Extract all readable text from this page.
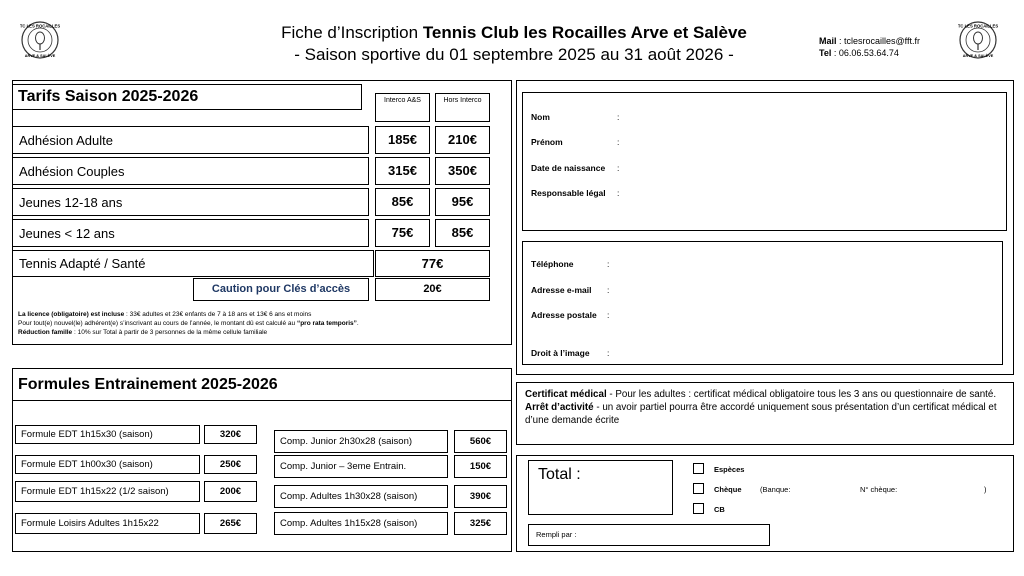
TC LES ROCAILLES
ARVE & SALÈVE
TC LES ROCAILLES
ARVE & SALÈVE
Fiche d’Inscription Tennis Club les Rocailles Arve et Salève
- Saison sportive du 01 septembre 2025 au 31 août 2026 -
Mail : tclesrocailles@fft.fr
Tel : 06.06.53.64.74
Tarifs Saison 2025-2026	Interco A&S	Hors Interco
Adhésion Adulte	185€	210€
Adhésion Couples	315€	350€
Jeunes 12-18 ans	85€	95€
Jeunes < 12 ans	75€	85€
Tennis Adapté / Santé	77€
Caution pour Clés d’accès	20€
La licence (obligatoire) est incluse : 33€ adultes et 23€ enfants de 7 à 18 ans et 13€ 6 ans et moins
Pour tout(e) nouvel(le) adhérent(e) s’inscrivant au cours de l’année, le montant dû est calculé au “pro rata temporis”.
Réduction famille : 10% sur Total à partir de 3 personnes de la même cellule familiale
Nom	:
Prénom	:
Date de naissance :
Responsable légal :
Téléphone	:
Adresse e-mail :
Adresse postale :
Droit à l’image :
Formules Entrainement 2025-2026
Formule EDT 1h15x30 (saison)	320€
Formule EDT 1h00x30 (saison)	250€
Formule EDT 1h15x22 (1/2 saison)	200€
Formule Loisirs Adultes 1h15x22	265€
Comp. Junior 2h30x28 (saison)	560€
Comp. Junior – 3eme Entrain.	150€
Comp. Adultes 1h30x28 (saison)	390€
Comp. Adultes 1h15x28 (saison)	325€
Certificat médical - Pour les adultes : certificat médical obligatoire tous les 3 ans ou questionnaire de santé.
Arrêt d’activité - un avoir partiel pourra être accordé uniquement sous présentation d’un certificat médical et d’une demande écrite
Total :	Espèces
Chèque (Banque:	N° chèque:	)
CB
Rempli par :
